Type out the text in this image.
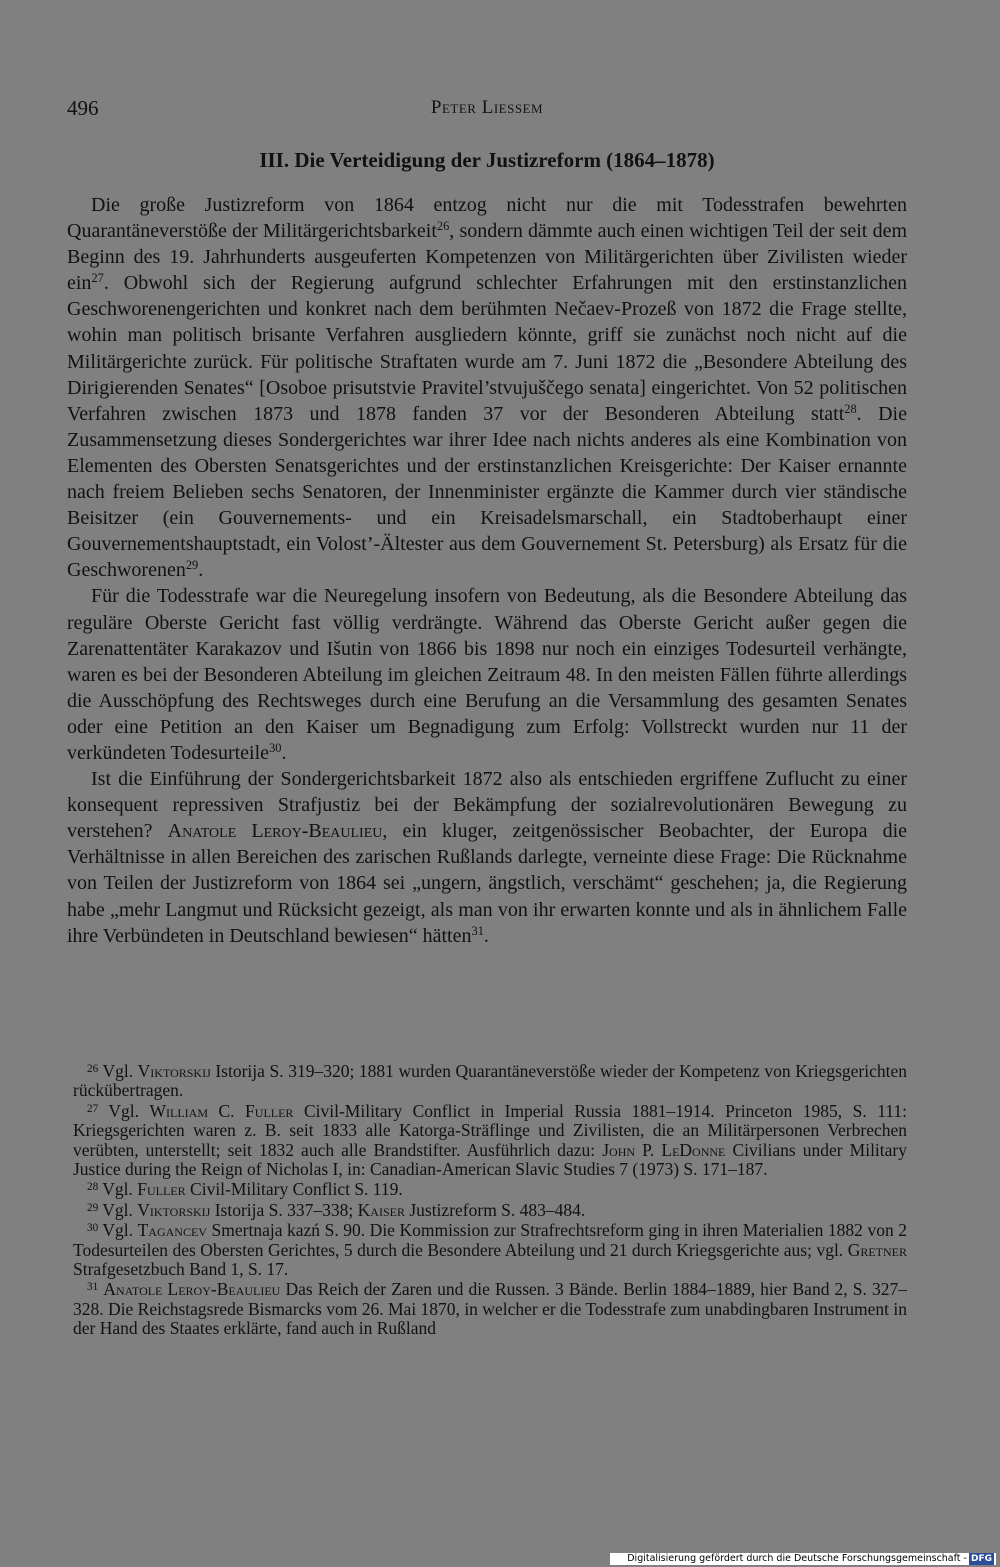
496	Peter Liessem
III. Die Verteidigung der Justizreform (1864–1878)

Die große Justizreform von 1864 entzog nicht nur die mit Todesstrafen bewehrten Quarantäneverstöße der Militärgerichtsbarkeit$^{26}$, sondern dämmte auch einen wichtigen Teil der seit dem Beginn des 19. Jahrhunderts ausgeuferten Kompetenzen von Militärgerichten über Zivilisten wieder ein$^{27}$. Obwohl sich der Regierung aufgrund schlechter Erfahrungen mit den erstinstanzlichen Geschworenengerichten und konkret nach dem berühmten Nečaev-Prozeß von 1872 die Frage stellte, wohin man politisch brisante Verfahren ausgliedern könnte, griff sie zunächst noch nicht auf die Militärgerichte zurück. Für politische Straftaten wurde am 7. Juni 1872 die „Besondere Abteilung des Dirigierenden Senates“ [Osoboe prisutstvie Pravitel’stvujuščego senata] eingerichtet. Von 52 politischen Verfahren zwischen 1873 und 1878 fanden 37 vor der Besonderen Abteilung statt$^{28}$. Die Zusammensetzung dieses Sondergerichtes war ihrer Idee nach nichts anderes als eine Kombination von Elementen des Obersten Senatsgerichtes und der erstinstanzlichen Kreisgerichte: Der Kaiser ernannte nach freiem Belieben sechs Senatoren, der Innenminister ergänzte die Kammer durch vier ständische Beisitzer (ein Gouvernements- und ein Kreisadelsmarschall, ein Stadtoberhaupt einer Gouvernementshauptstadt, ein Volost’-Ältester aus dem Gouvernement St. Petersburg) als Ersatz für die Geschworenen$^{29}$.

Für die Todesstrafe war die Neuregelung insofern von Bedeutung, als die Besondere Abteilung das reguläre Oberste Gericht fast völlig verdrängte. Während das Oberste Gericht außer gegen die Zarenattentäter Karakazov und Išutin von 1866 bis 1898 nur noch ein einziges Todesurteil verhängte, waren es bei der Besonderen Abteilung im gleichen Zeitraum 48. In den meisten Fällen führte allerdings die Ausschöpfung des Rechtsweges durch eine Berufung an die Versammlung des gesamten Senates oder eine Petition an den Kaiser um Begnadigung zum Erfolg: Vollstreckt wurden nur 11 der verkündeten Todesurteile$^{30}$.

Ist die Einführung der Sondergerichtsbarkeit 1872 also als entschieden ergriffene Zuflucht zu einer konsequent repressiven Strafjustiz bei der Bekämpfung der sozialrevolutionären Bewegung zu verstehen? Anatole Leroy-Beaulieu, ein kluger, zeitgenössischer Beobachter, der Europa die Verhältnisse in allen Bereichen des zarischen Rußlands darlegte, verneinte diese Frage: Die Rücknahme von Teilen der Justizreform von 1864 sei „ungern, ängstlich, verschämt“ geschehen; ja, die Regierung habe „mehr Langmut und Rücksicht gezeigt, als man von ihr erwarten konnte und als in ähnlichem Falle ihre Verbündeten in Deutschland bewiesen“ hätten$^{31}$.

$^{26}$ Vgl. Viktorskij Istorija S. 319–320; 1881 wurden Quarantäneverstöße wieder der Kompetenz von Kriegsgerichten rückübertragen.

$^{27}$ Vgl. William C. Fuller Civil-Military Conflict in Imperial Russia 1881–1914. Princeton 1985, S. 111: Kriegsgerichten waren z. B. seit 1833 alle Katorga-Sträflinge und Zivilisten, die an Militärpersonen Verbrechen verübten, unterstellt; seit 1832 auch alle Brandstifter. Ausführlich dazu: John P. LeDonne Civilians under Military Justice during the Reign of Nicholas I, in: Canadian-American Slavic Studies 7 (1973) S. 171–187.

$^{28}$ Vgl. Fuller Civil-Military Conflict S. 119.

$^{29}$ Vgl. Viktorskij Istorija S. 337–338; Kaiser Justizreform S. 483–484.

$^{30}$ Vgl. Tagancev Smertnaja kazń S. 90. Die Kommission zur Strafrechtsreform ging in ihren Materialien 1882 von 2 Todesurteilen des Obersten Gerichtes, 5 durch die Besondere Abteilung und 21 durch Kriegsgerichte aus; vgl. Gretner Strafgesetzbuch Band 1, S. 17.

$^{31}$ Anatole Leroy-Beaulieu Das Reich der Zaren und die Russen. 3 Bände. Berlin 1884–1889, hier Band 2, S. 327–328. Die Reichstagsrede Bismarcks vom 26. Mai 1870, in welcher er die Todesstrafe zum unabdingbaren Instrument in der Hand des Staates erklärte, fand auch in Rußland

Digitalisierung gefördert durch die Deutsche Forschungsgemeinschaft - DFG
